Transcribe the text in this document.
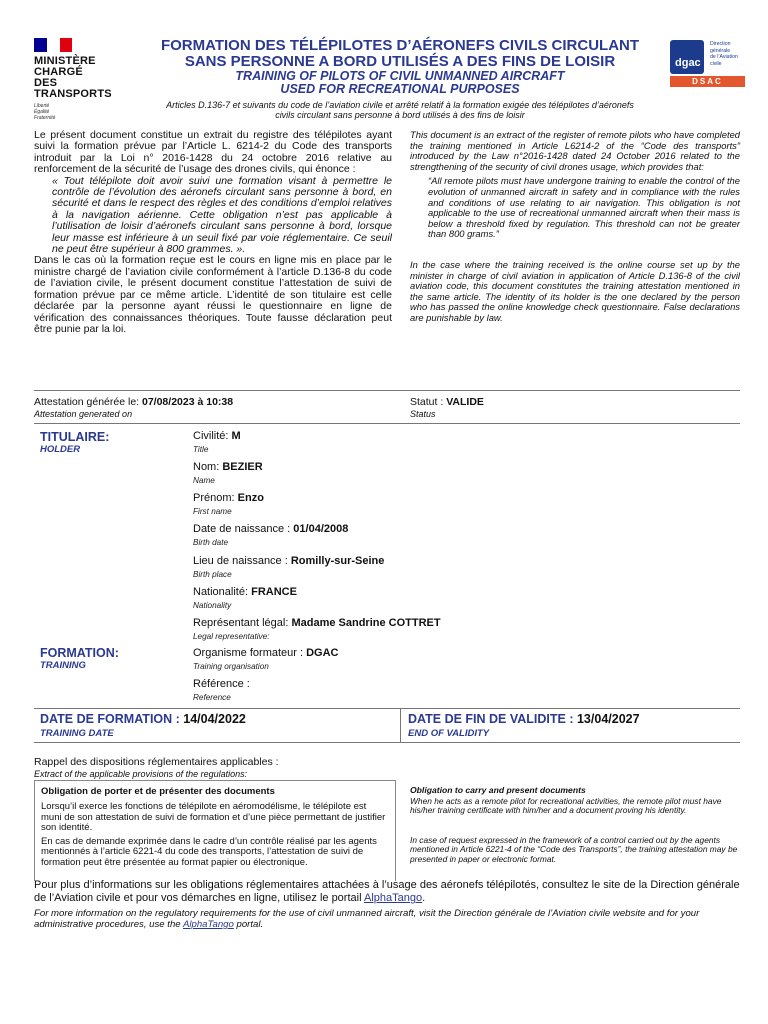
MINISTÈRE
CHARGÉ
DES TRANSPORTS
Liberté
Égalité
Fraternité
FORMATION DES TÉLÉPILOTES D’AÉRONEFS CIVILS CIRCULANT
SANS PERSONNE A BORD UTILISÉS A DES FINS DE LOISIR
TRAINING OF PILOTS OF CIVIL UNMANNED AIRCRAFT
USED FOR RECREATIONAL PURPOSES
Articles D.136-7 et suivants du code de l’aviation civile et arrêté relatif à la formation exigée des télépilotes d’aéronefs
civils circulant sans personne à bord utilisés à des fins de loisir
dgac
Direction
générale
de l’Aviation
civile
DSAC

Le présent document constitue un extrait du registre des télépilotes ayant suivi la formation prévue par l’Article L. 6214-2 du Code des transports introduit par la Loi n° 2016-1428 du 24 octobre 2016 relative au renforcement de la sécurité de l’usage des drones civils, qui énonce :

« Tout télépilote doit avoir suivi une formation visant à permettre le contrôle de l’évolution des aéronefs circulant sans personne à bord, en sécurité et dans le respect des règles et des conditions d’emploi relatives à la navigation aérienne. Cette obligation n’est pas applicable à l’utilisation de loisir d’aéronefs circulant sans personne à bord, lorsque leur masse est inférieure à un seuil fixé par voie réglementaire. Ce seuil ne peut être supérieur à 800 grammes. ».

Dans le cas où la formation reçue est le cours en ligne mis en place par le ministre chargé de l’aviation civile conformément à l’article D.136-8 du code de l’aviation civile, le présent document constitue l’attestation de suivi de formation prévue par ce même article. L’identité de son titulaire est celle déclarée par la personne ayant réussi le questionnaire en ligne de vérification des connaissances théoriques. Toute fausse déclaration peut être punie par la loi.

This document is an extract of the register of remote pilots who have completed the training mentioned in Article L6214-2 of the “Code des transports” introduced by the Law n°2016-1428 dated 24 October 2016 related to the strengthening of the security of civil drones usage, which provides that:

“All remote pilots must have undergone training to enable the control of the evolution of unmanned aircraft in safety and in compliance with the rules and conditions of use relating to air navigation. This obligation is not applicable to the use of recreational unmanned aircraft when their mass is below a threshold fixed by regulation. This threshold can not be greater than 800 grams.”

In the case where the training received is the online course set up by the minister in charge of civil aviation in application of Article D.136-8 of the civil aviation code, this document constitutes the training attestation mentioned in the same article. The identity of its holder is the one declared by the person who has passed the online knowledge check questionnaire. False declarations are punishable by law.

Attestation générée le: 07/08/2023 à 10:38
Attestation generated on
Statut : VALIDE
Status
TITULAIRE:
HOLDER
Civilité: M
Title
Nom: BEZIER
Name
Prénom: Enzo
First name
Date de naissance : 01/04/2008
Birth date
Lieu de naissance : Romilly-sur-Seine
Birth place
Nationalité: FRANCE
Nationality
Représentant légal: Madame Sandrine COTTRET
Legal representative:
FORMATION:
TRAINING
Organisme formateur : DGAC
Training organisation
Référence :
Reference
DATE DE FORMATION : 14/04/2022
TRAINING DATE
DATE DE FIN DE VALIDITE : 13/04/2027
END OF VALIDITY
Rappel des dispositions réglementaires applicables :
Extract of the applicable provisions of the regulations:
Obligation de porter et de présenter des documents
Lorsqu’il exerce les fonctions de télépilote en aéromodélisme, le télépilote est muni de son attestation de suivi de formation et d’une pièce permettant de justifier son identité.
En cas de demande exprimée dans le cadre d’un contrôle réalisé par les agents mentionnés à l’article 6221-4 du code des transports, l’attestation de suivi de formation peut être présentée au format papier ou électronique.
Obligation to carry and present documents
When he acts as a remote pilot for recreational activities, the remote pilot must have his/her training certificate with him/her and a document proving his identity.
In case of request expressed in the framework of a control carried out by the agents mentioned in Article 6221-4 of the “Code des Transports”, the training attestation may be presented in paper or electronic format.
Pour plus d’informations sur les obligations réglementaires attachées à l’usage des aéronefs télépilotés, consultez le site de la Direction générale de l’Aviation civile et pour vos démarches en ligne, utilisez le portail AlphaTango.
For more information on the regulatory requirements for the use of civil unmanned aircraft, visit the Direction générale de l’Aviation civile website and for your administrative procedures, use the AlphaTango portal.
